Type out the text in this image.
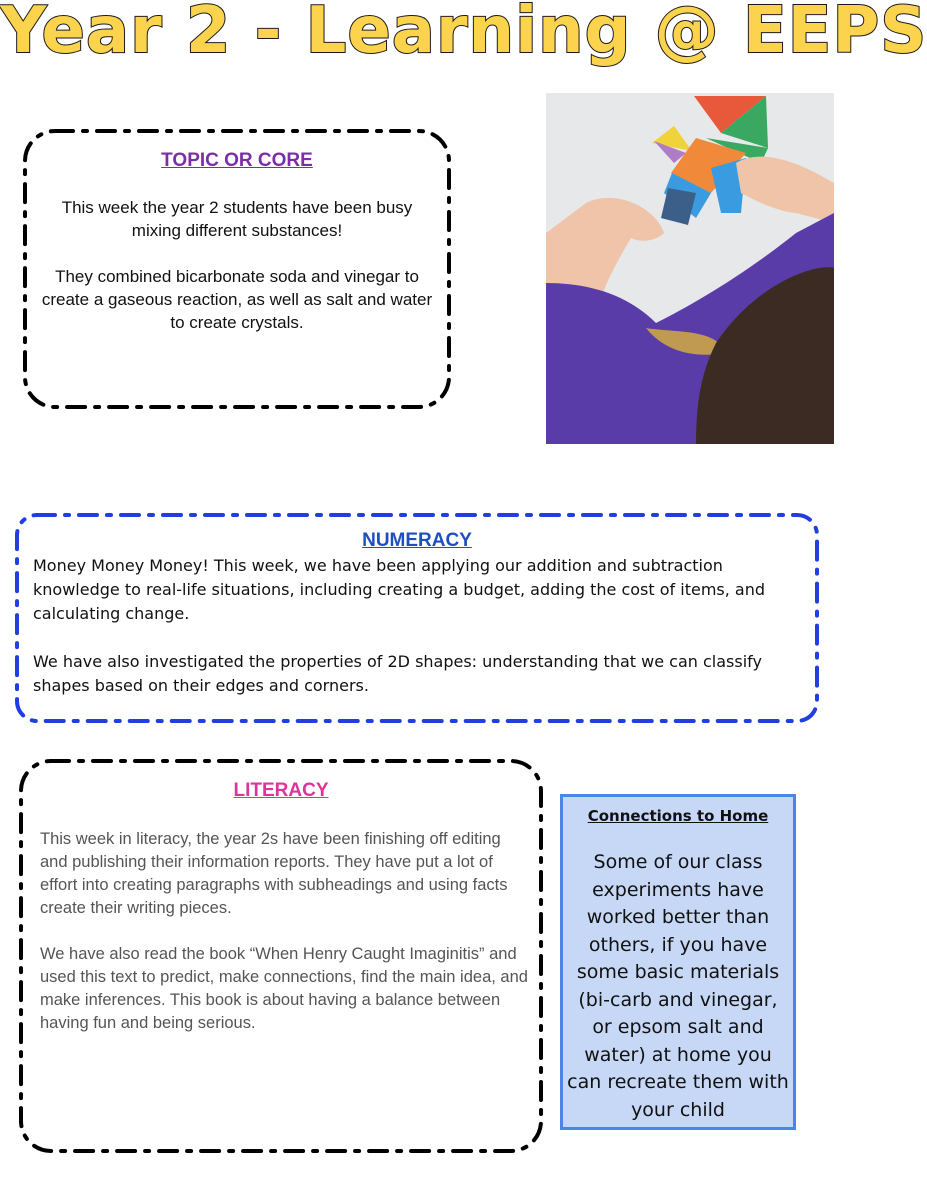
Year 2 - Learning @ EEPS
TOPIC OR CORE

This week the year 2 students have been busy mixing different substances!

They combined bicarbonate soda and vinegar to create a gaseous reaction, as well as salt and water to create crystals.

NUMERACY

Money Money Money! This week, we have been applying our addition and subtraction knowledge to real-life situations, including creating a budget, adding the cost of items, and calculating change.

We have also investigated the properties of 2D shapes: understanding that we can classify shapes based on their edges and corners.

LITERACY

This week in literacy, the year 2s have been finishing off editing and publishing their information reports. They have put a lot of effort into creating paragraphs with subheadings and using facts create their writing pieces.

We have also read the book “When Henry Caught Imaginitis” and used this text to predict, make connections, find the main idea, and make inferences. This book is about having a balance between having fun and being serious.

Connections to Home
Some of our class experiments have worked better than others, if you have some basic materials (bi-carb and vinegar, or epsom salt and water) at home you can recreate them with your child
